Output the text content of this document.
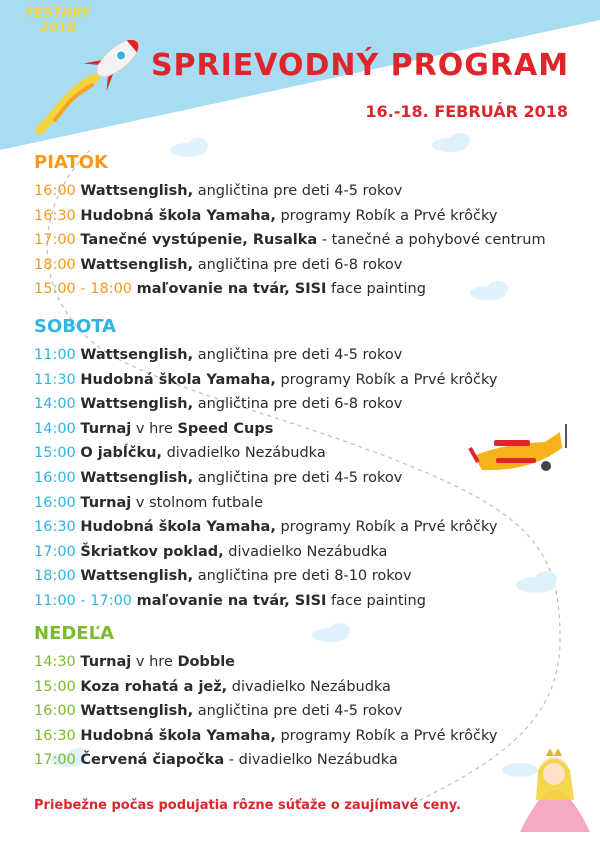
FESTHRY
2018
SPRIEVODNÝ PROGRAM
16.-18. FEBRUÁR 2018
PIATOK
16:00 Wattsenglish, angličtina pre deti 4-5 rokov
16:30 Hudobná škola Yamaha, programy Robík a Prvé krôčky
17:00 Tanečné vystúpenie, Rusalka - tanečné a pohybové centrum
18:00 Wattsenglish, angličtina pre deti 6-8 rokov
15:00 - 18:00 maľovanie na tvár, SISI face painting
SOBOTA
11:00 Wattsenglish, angličtina pre deti 4-5 rokov
11:30 Hudobná škola Yamaha, programy Robík a Prvé krôčky
14:00 Wattsenglish, angličtina pre deti 6-8 rokov
14:00 Turnaj v hre Speed Cups
15:00 O jabĺčku, divadielko Nezábudka
16:00 Wattsenglish, angličtina pre deti 4-5 rokov
16:00 Turnaj v stolnom futbale
16:30 Hudobná škola Yamaha, programy Robík a Prvé krôčky
17:00 Škriatkov poklad, divadielko Nezábudka
18:00 Wattsenglish, angličtina pre deti 8-10 rokov
11:00 - 17:00 maľovanie na tvár, SISI face painting
NEDEĽA
14:30 Turnaj v hre Dobble
15:00 Koza rohatá a jež, divadielko Nezábudka
16:00 Wattsenglish, angličtina pre deti 4-5 rokov
16:30 Hudobná škola Yamaha, programy Robík a Prvé krôčky
17:00 Červená čiapočka - divadielko Nezábudka
Priebežne počas podujatia rôzne súťaže o zaujímavé ceny.
